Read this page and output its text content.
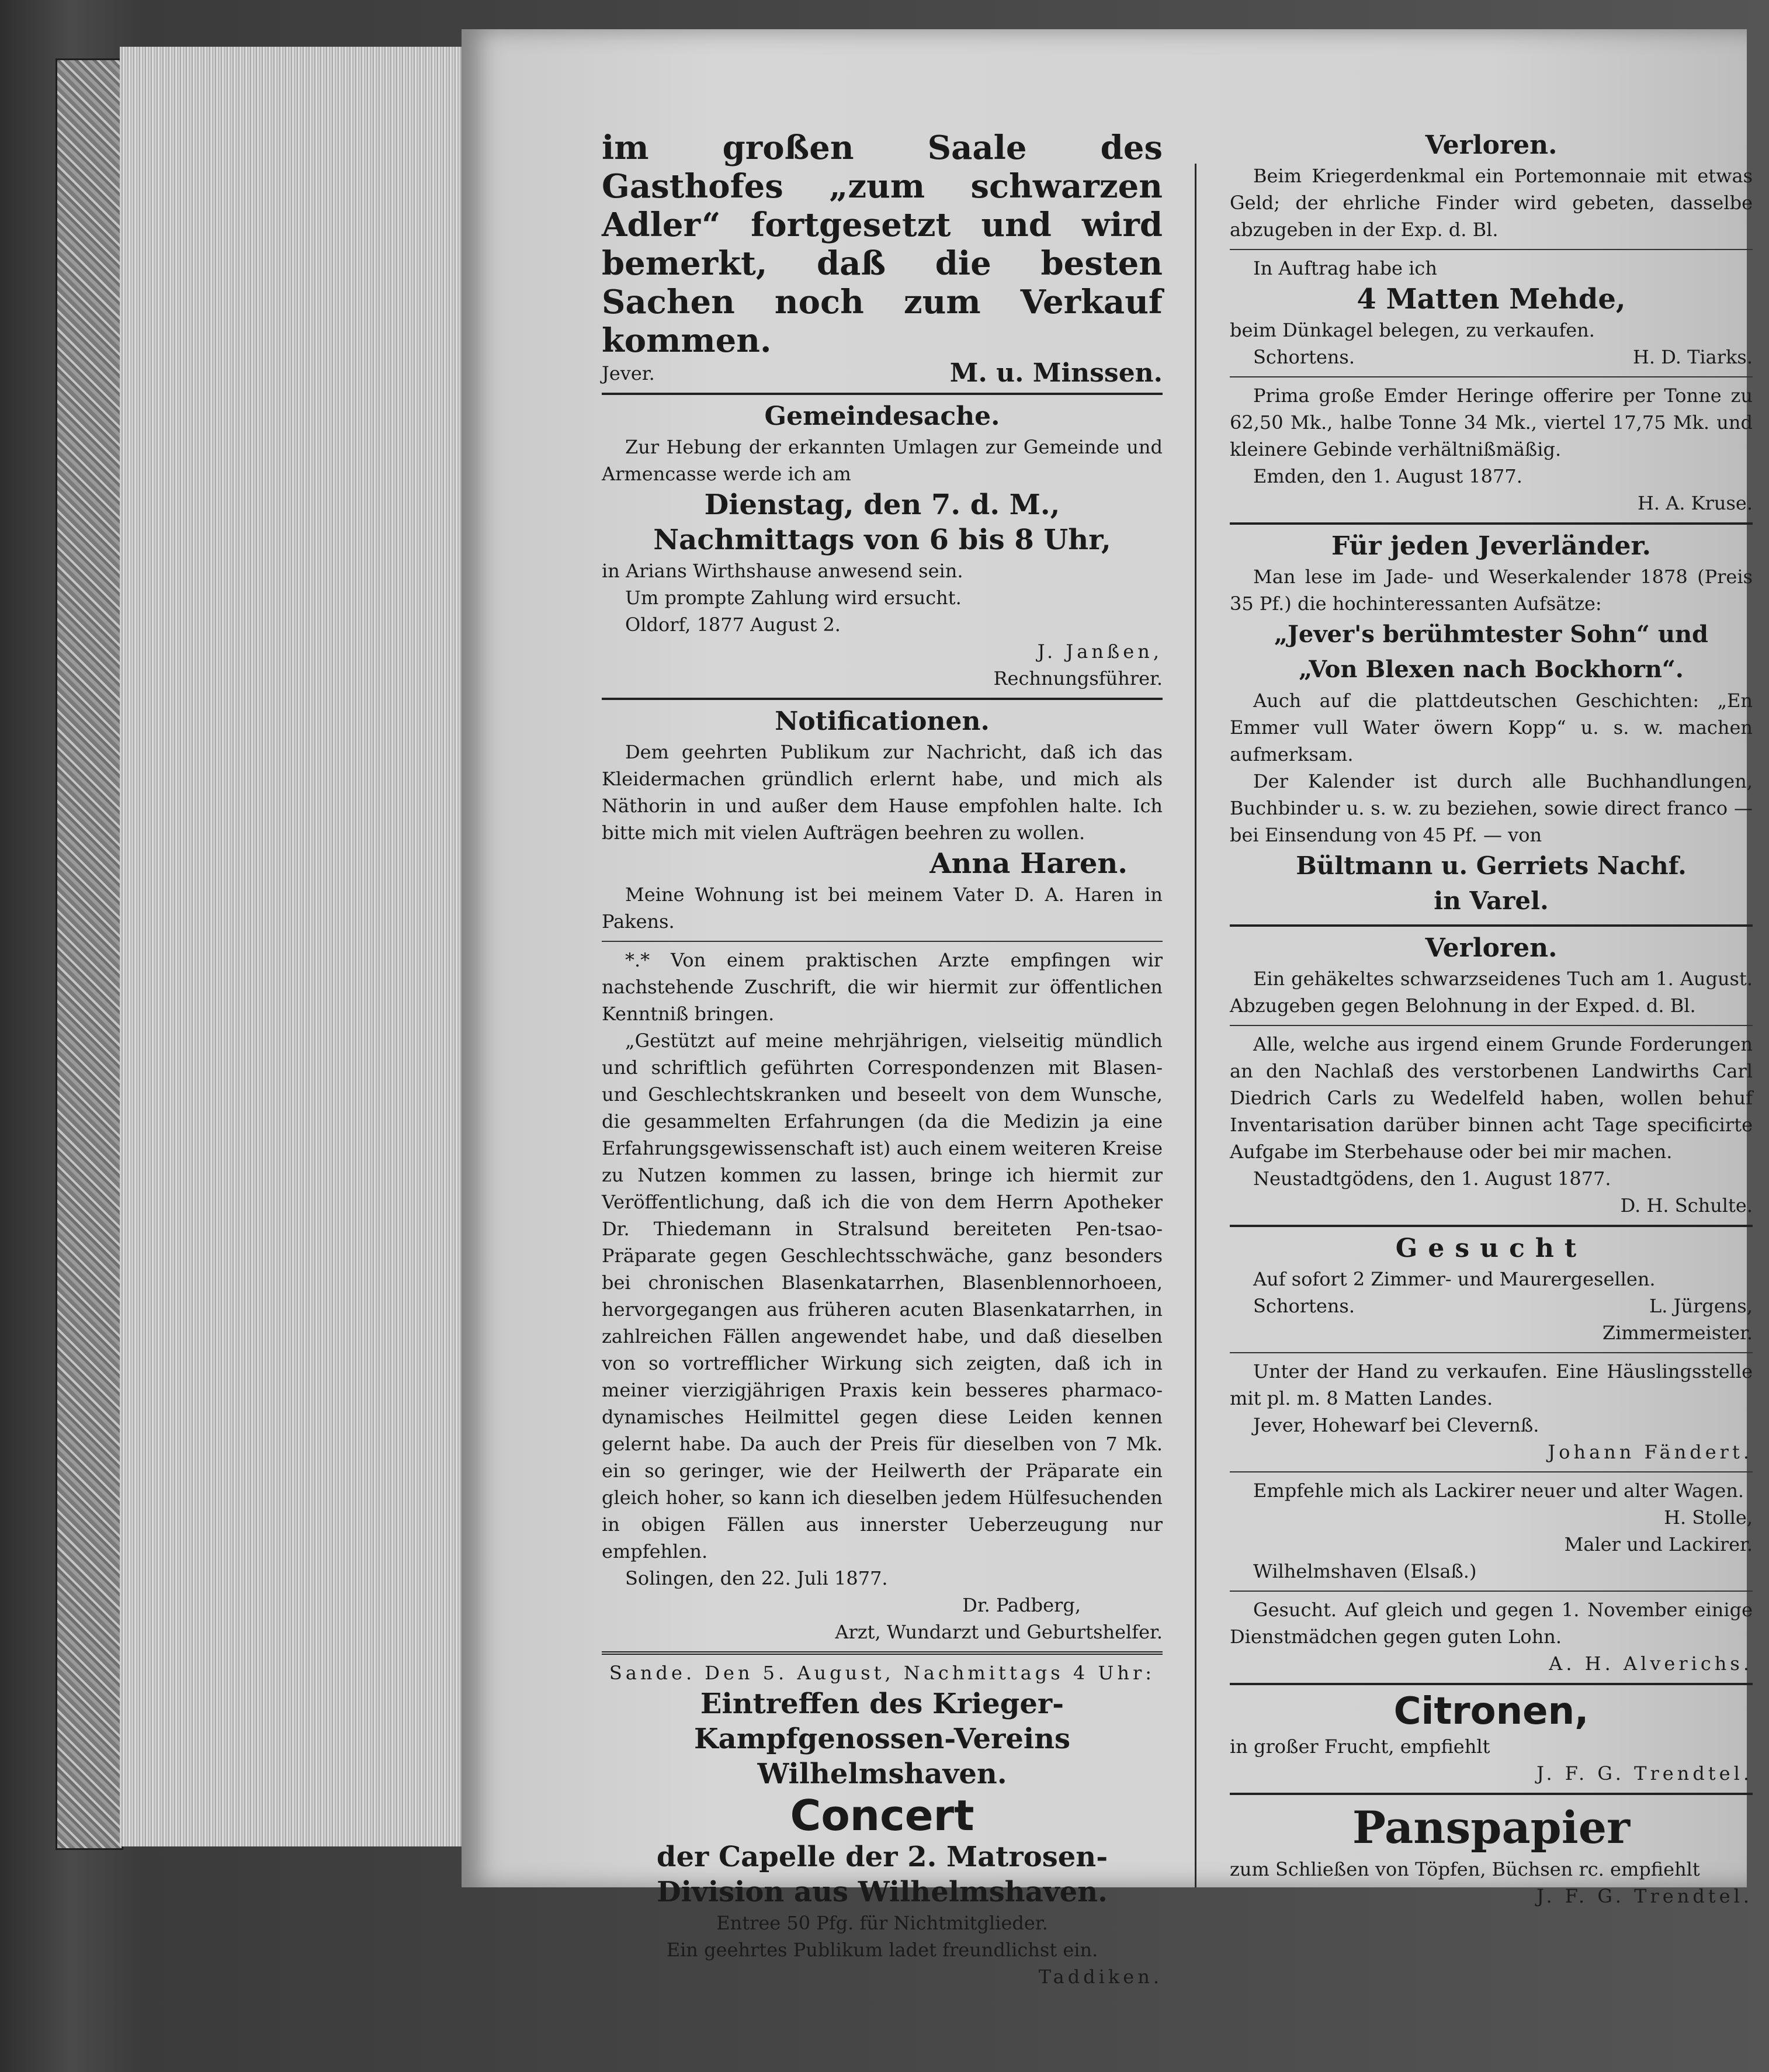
im großen Saale des Gasthofes „zum schwarzen Adler“ fortgesetzt und wird bemerkt, daß die besten Sachen noch zum Verkauf kommen.

Jever.	M. u. Minssen.
Gemeindesache.

Zur Hebung der erkannten Umlagen zur Gemeinde und Armencasse werde ich am

Dienstag, den 7. d. M.,
Nachmittags von 6 bis 8 Uhr,

in Arians Wirthshause anwesend sein.

Um prompte Zahlung wird ersucht.

Oldorf, 1877 August 2.

J. Janßen,

Rechnungsführer.

Notificationen.

Dem geehrten Publikum zur Nachricht, daß ich das Kleidermachen gründlich erlernt habe, und mich als Näthorin in und außer dem Hause empfohlen halte. Ich bitte mich mit vielen Aufträgen beehren zu wollen.

Anna Haren.

Meine Wohnung ist bei meinem Vater D. A. Haren in Pakens.

*.* Von einem praktischen Arzte empfingen wir nachstehende Zuschrift, die wir hiermit zur öffentlichen Kenntniß bringen.

„Gestützt auf meine mehrjährigen, vielseitig mündlich und schriftlich geführten Correspondenzen mit Blasen- und Geschlechtskranken und beseelt von dem Wunsche, die gesammelten Erfahrungen (da die Medizin ja eine Erfahrungsgewissenschaft ist) auch einem weiteren Kreise zu Nutzen kommen zu lassen, bringe ich hiermit zur Veröffentlichung, daß ich die von dem Herrn Apotheker Dr. Thiedemann in Stralsund bereiteten Pen-tsao-Präparate gegen Geschlechtsschwäche, ganz besonders bei chronischen Blasenkatarrhen, Blasenblennorhoeen, hervorgegangen aus früheren acuten Blasenkatarrhen, in zahlreichen Fällen angewendet habe, und daß dieselben von so vortrefflicher Wirkung sich zeigten, daß ich in meiner vierzigjährigen Praxis kein besseres pharmaco-dynamisches Heilmittel gegen diese Leiden kennen gelernt habe. Da auch der Preis für dieselben von 7 Mk. ein so geringer, wie der Heilwerth der Präparate ein gleich hoher, so kann ich dieselben jedem Hülfesuchenden in obigen Fällen aus innerster Ueberzeugung nur empfehlen.

Solingen, den 22. Juli 1877.

Dr. Padberg,

Arzt, Wundarzt und Geburtshelfer.

Sande. Den 5. August, Nachmittags 4 Uhr:

Eintreffen des Krieger-Kampfgenossen-Vereins Wilhelmshaven.
Concert
der Capelle der 2. Matrosen-Division aus Wilhelmshaven.

Entree 50 Pfg. für Nichtmitglieder.

Ein geehrtes Publikum ladet freundlichst ein.

Taddiken.

Verloren.

Beim Kriegerdenkmal ein Portemonnaie mit etwas Geld; der ehrliche Finder wird gebeten, dasselbe abzugeben in der Exp. d. Bl.

In Auftrag habe ich

4 Matten Mehde,

beim Dünkagel belegen, zu verkaufen.

Schortens.	H. D. Tiarks.

Prima große Emder Heringe offerire per Tonne zu 62,50 Mk., halbe Tonne 34 Mk., viertel 17,75 Mk. und kleinere Gebinde verhältnißmäßig.

Emden, den 1. August 1877.

H. A. Kruse.

Für jeden Jeverländer.

Man lese im Jade- und Weserkalender 1878 (Preis 35 Pf.) die hochinteressanten Aufsätze:

„Jever's berühmtester Sohn“ und
„Von Blexen nach Bockhorn“.

Auch auf die plattdeutschen Geschichten: „En Emmer vull Water öwern Kopp“ u. s. w. machen aufmerksam.

Der Kalender ist durch alle Buchhandlungen, Buchbinder u. s. w. zu beziehen, sowie direct franco — bei Einsendung von 45 Pf. — von

Bültmann u. Gerriets Nachf.
in Varel.
Verloren.

Ein gehäkeltes schwarzseidenes Tuch am 1. August. Abzugeben gegen Belohnung in der Exped. d. Bl.

Alle, welche aus irgend einem Grunde Forderungen an den Nachlaß des verstorbenen Landwirths Carl Diedrich Carls zu Wedelfeld haben, wollen behuf Inventarisation darüber binnen acht Tage specificirte Aufgabe im Sterbehause oder bei mir machen.

Neustadtgödens, den 1. August 1877.

D. H. Schulte.

Gesucht

Auf sofort 2 Zimmer- und Maurergesellen.

Schortens.	L. Jürgens,

Zimmermeister.

Unter der Hand zu verkaufen. Eine Häuslingsstelle mit pl. m. 8 Matten Landes.

Jever, Hohewarf bei Clevernß.

Johann Fändert.

Empfehle mich als Lackirer neuer und alter Wagen.

H. Stolle,

Maler und Lackirer.

Wilhelmshaven (Elsaß.)

Gesucht. Auf gleich und gegen 1. November einige Dienstmädchen gegen guten Lohn.

A. H. Alverichs.

Citronen,

in großer Frucht, empfiehlt

J. F. G. Trendtel.

Panspapier

zum Schließen von Töpfen, Büchsen rc. empfiehlt

J. F. G. Trendtel.
